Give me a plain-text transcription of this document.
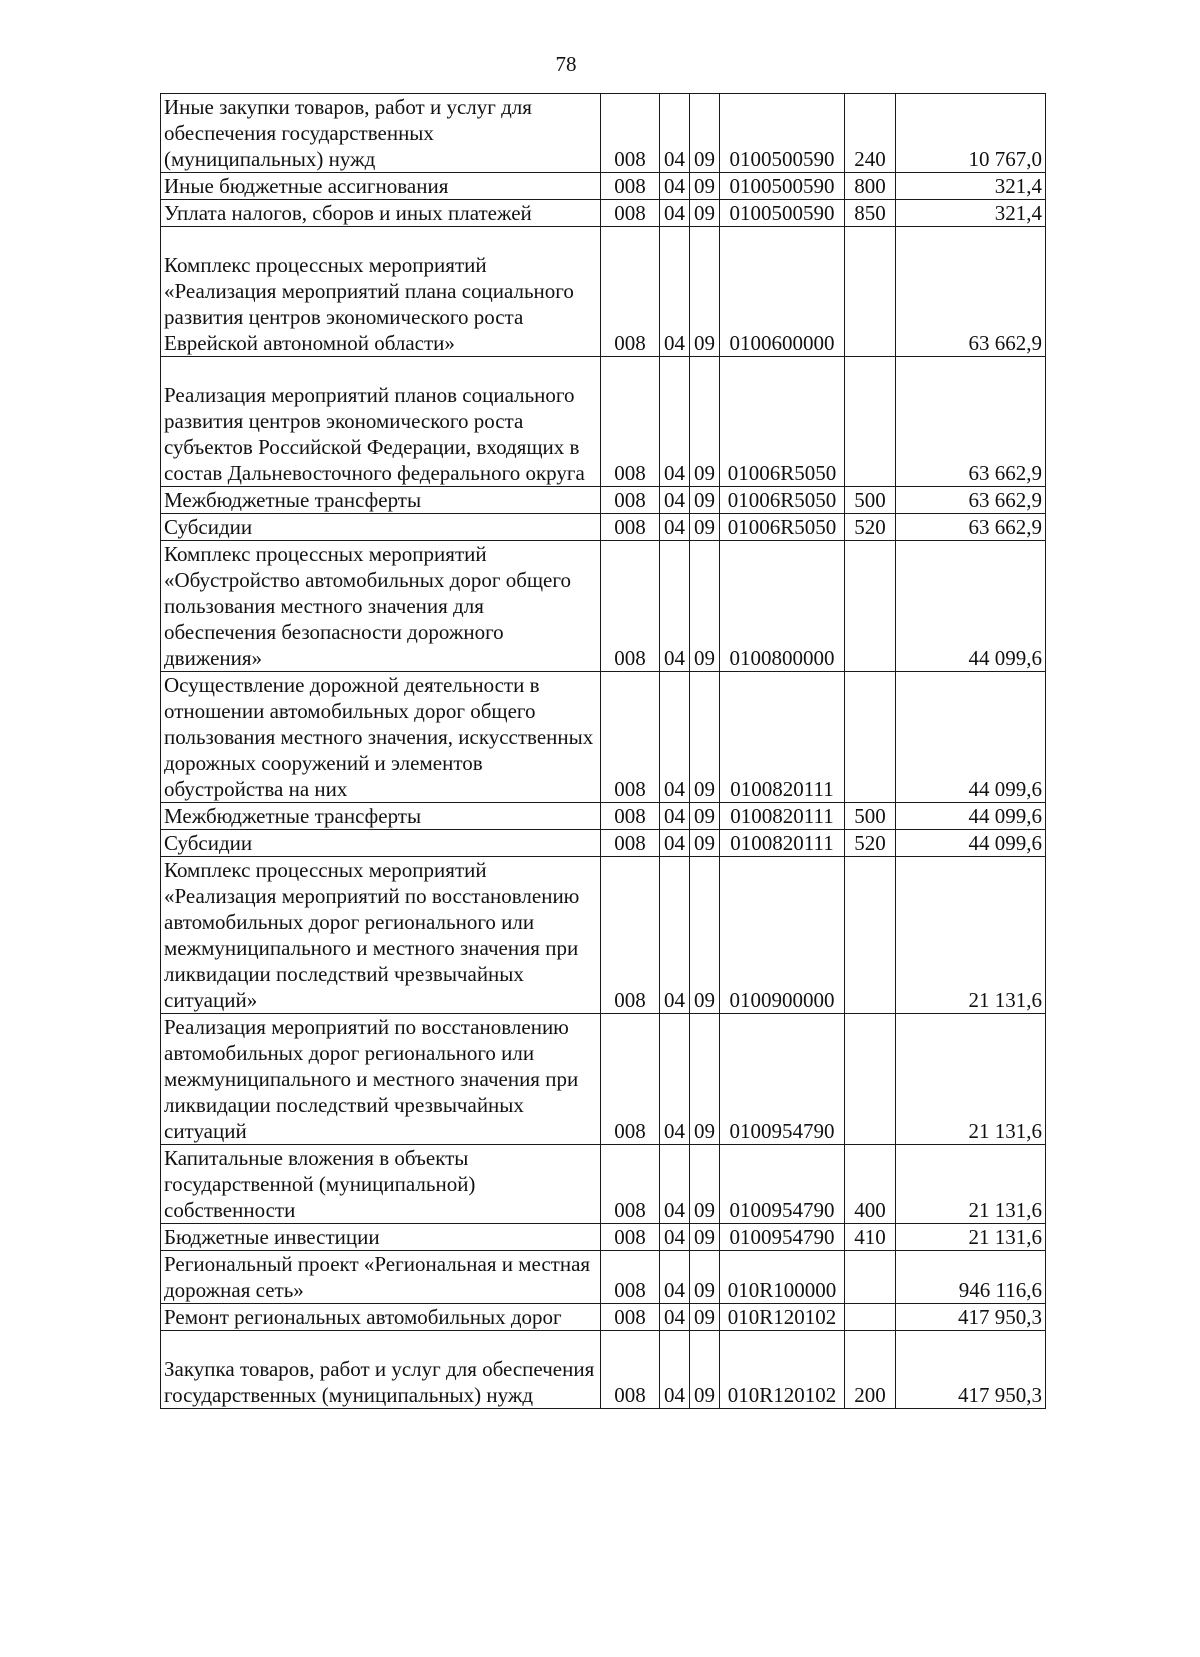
78
Иные закупки товаров, работ и услуг для обеспечения государственных (муниципальных) нужд	008	04	09	0100500590	240	10 767,0
Иные бюджетные ассигнования	008	04	09	0100500590	800	321,4
Уплата налогов, сборов и иных платежей	008	04	09	0100500590	850	321,4
Комплекс процессных мероприятий «Реализация мероприятий плана социального развития центров экономического роста Еврейской автономной области»	008	04	09	0100600000		63 662,9
Реализация мероприятий планов социального развития центров экономического роста субъектов Российской Федерации, входящих в состав Дальневосточного федерального округа	008	04	09	01006R5050		63 662,9
Межбюджетные трансферты	008	04	09	01006R5050	500	63 662,9
Субсидии	008	04	09	01006R5050	520	63 662,9
Комплекс процессных мероприятий «Обустройство автомобильных дорог общего пользования местного значения для обеспечения безопасности дорожного движения»	008	04	09	0100800000		44 099,6
Осуществление дорожной деятельности в отношении автомобильных дорог общего пользования местного значения, искусственных дорожных сооружений и элементов обустройства на них	008	04	09	0100820111		44 099,6
Межбюджетные трансферты	008	04	09	0100820111	500	44 099,6
Субсидии	008	04	09	0100820111	520	44 099,6
Комплекс процессных мероприятий «Реализация мероприятий по восстановлению автомобильных дорог регионального или межмуниципального и местного значения при ликвидации последствий чрезвычайных ситуаций»	008	04	09	0100900000		21 131,6
Реализация мероприятий по восстановлению автомобильных дорог регионального или межмуниципального и местного значения при ликвидации последствий чрезвычайных ситуаций	008	04	09	0100954790		21 131,6
Капитальные вложения в объекты государственной (муниципальной) собственности	008	04	09	0100954790	400	21 131,6
Бюджетные инвестиции	008	04	09	0100954790	410	21 131,6
Региональный проект «Региональная и местная дорожная сеть»	008	04	09	010R100000		946 116,6
Ремонт региональных автомобильных дорог	008	04	09	010R120102		417 950,3
Закупка товаров, работ и услуг для обеспечения государственных (муниципальных) нужд	008	04	09	010R120102	200	417 950,3
